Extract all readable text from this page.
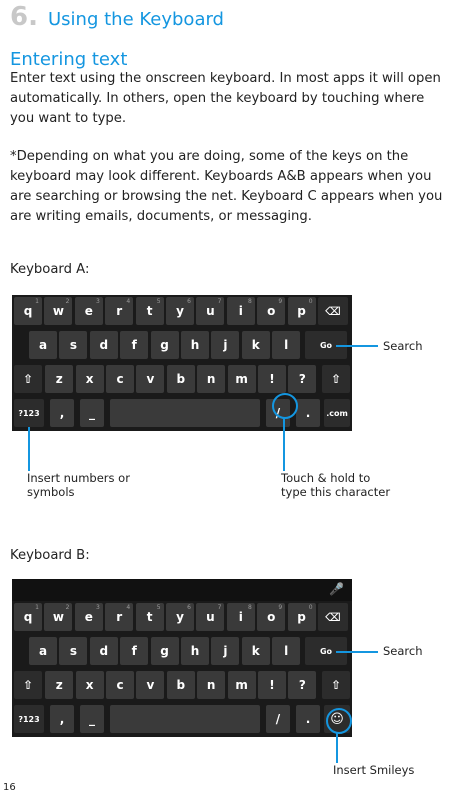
6. Using the Keyboard
Entering text

Enter text using the onscreen keyboard. In most apps it will open automatically. In others, open the keyboard by touching where you want to type.

*Depending on what you are doing, some of the keys on the keyboard may look different. Keyboards A&B appears when you are searching or browsing the net. Keyboard C appears when you are writing emails, documents, or messaging.

Keyboard A:
q
1
w
2
e
3
r
4
t
5
y
6
u
7
i
8
o
9
p
0
⌫
a s d f g h j k l	Go
⇧ z x c v b n m ! ? ⇧
?123 , _	/ . .com
Search
Insert numbers or
symbols
Touch & hold to
type this character
Keyboard B:
🎤
q
1
w
2
e
3
r
4
t
5
y
6
u
7
i
8
o
9
p
0
⌫
a s d f g h j k l	Go
⇧ z x c v b n m ! ? ⇧
?123 , _	/ . ☺
Search
Insert Smileys
16
